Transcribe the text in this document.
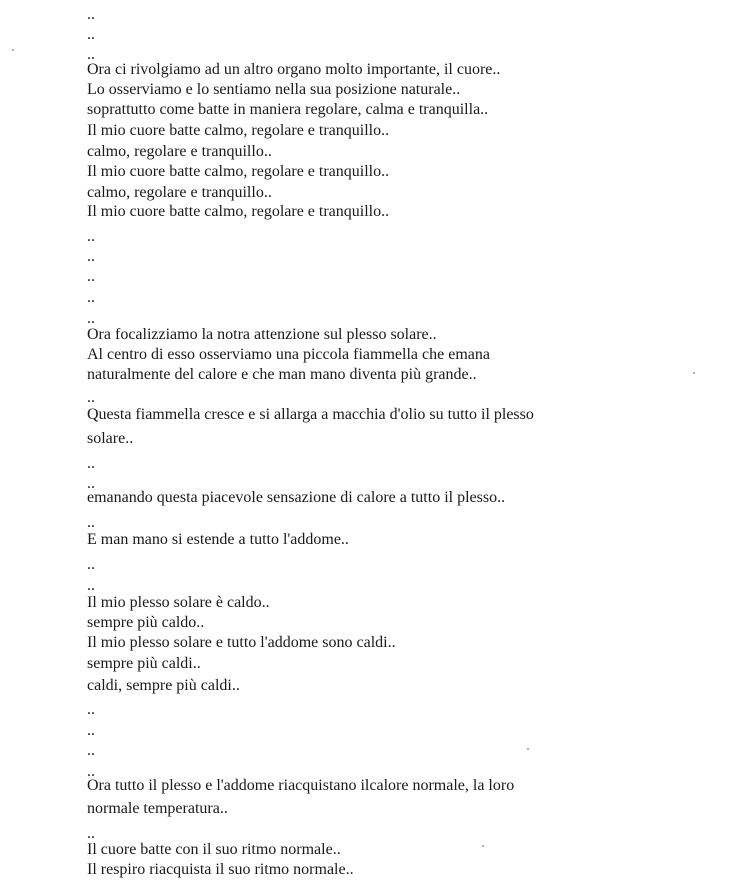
..
..
..
Ora ci rivolgiamo ad un altro organo molto importante, il cuore..
Lo osserviamo e lo sentiamo nella sua posizione naturale..
soprattutto come batte in maniera regolare, calma e tranquilla..
Il mio cuore batte calmo, regolare e tranquillo..
calmo, regolare e tranquillo..
Il mio cuore batte calmo, regolare e tranquillo..
calmo, regolare e tranquillo..
Il mio cuore batte calmo, regolare e tranquillo..
..
..
..
..
..
Ora focalizziamo la notra attenzione sul plesso solare..
Al centro di esso osserviamo una piccola fiammella che emana
naturalmente del calore e che man mano diventa più grande..
..
Questa fiammella cresce e si allarga a macchia d'olio su tutto il plesso
solare..
..
..
emanando questa piacevole sensazione di calore a tutto il plesso..
..
E man mano si estende a tutto l'addome..
..
..
Il mio plesso solare è caldo..
sempre più caldo..
Il mio plesso solare e tutto l'addome sono caldi..
sempre più caldi..
caldi, sempre più caldi..
..
..
..
..
Ora tutto il plesso e l'addome riacquistano ilcalore normale, la loro
normale temperatura..
..
Il cuore batte con il suo ritmo normale..
Il respiro riacquista il suo ritmo normale..
